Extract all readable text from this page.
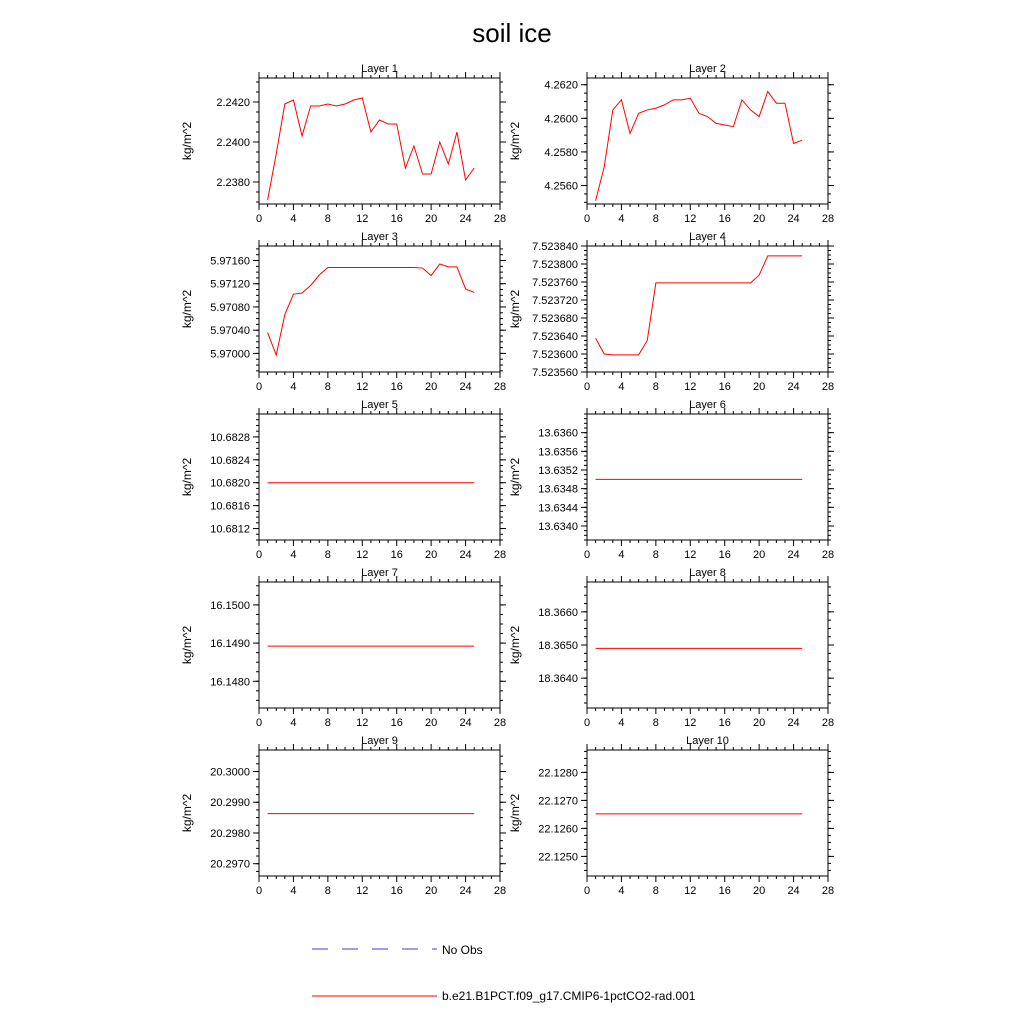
soil ice
Layer 1
0	4	8 12 16 20 24 28
2.2380
2.2400
2.2420
kg/m^2
Layer 2
0	4	8 12 16 20 24 28
4.2560
4.2580
4.2600
4.2620
kg/m^2
Layer 3
0	4	8 12 16 20 24 28
5.97000
5.97040
5.97080
5.97120
5.97160
kg/m^2
Layer 4
0	4	8 12 16 20 24 28
7.523560
7.523600
7.523640
7.523680
7.523720
7.523760
7.523800
7.523840
kg/m^2
Layer 5
0	4	8 12 16 20 24 28
10.6812
10.6816
10.6820
10.6824
10.6828
kg/m^2
Layer 6
0	4	8 12 16 20 24 28
13.6340
13.6344
13.6348
13.6352
13.6356
13.6360
kg/m^2
Layer 7
0	4	8 12 16 20 24 28
16.1480
16.1490
16.1500
kg/m^2
Layer 8
0	4	8 12 16 20 24 28
18.3640
18.3650
18.3660
kg/m^2
Layer 9
0	4	8 12 16 20 24 28
20.2970
20.2980
20.2990
20.3000
kg/m^2
Layer 10
0	4	8 12 16 20 24 28
22.1250
22.1260
22.1270
22.1280
kg/m^2
No Obs
b.e21.B1PCT.f09_g17.CMIP6-1pctCO2-rad.001
